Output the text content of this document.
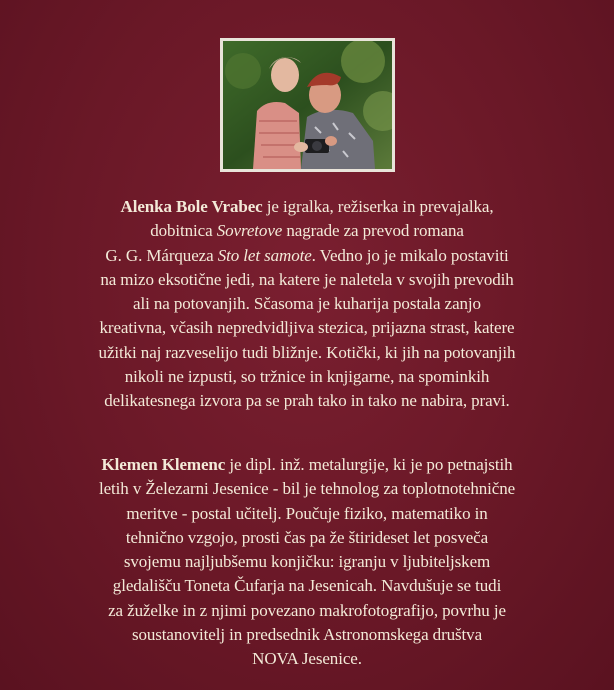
Alenka Bole Vrabec je igralka, režiserka in prevajalka,
dobitnica Sovretove nagrade za prevod romana
G. G. Márqueza Sto let samote. Vedno jo je mikalo postaviti
na mizo eksotične jedi, na katere je naletela v svojih prevodih
ali na potovanjih. Sčasoma je kuharija postala zanjo
kreativna, včasih nepredvidljiva stezica, prijazna strast, katere
užitki naj razveselijo tudi bližnje. Kotički, ki jih na potovanjih
nikoli ne izpusti, so tržnice in knjigarne, na spominkih
delikatesnega izvora pa se prah tako in tako ne nabira, pravi.
Klemen Klemenc je dipl. inž. metalurgije, ki je po petnajstih
letih v Železarni Jesenice - bil je tehnolog za toplotnotehnične
meritve - postal učitelj. Poučuje fiziko, matematiko in
tehnično vzgojo, prosti čas pa že štirideset let posveča
svojemu najljubšemu konjičku: igranju v ljubiteljskem
gledališču Toneta Čufarja na Jesenicah. Navdušuje se tudi
za žuželke in z njimi povezano makrofotografijo, povrhu je
soustanovitelj in predsednik Astronomskega društva
NOVA Jesenice.
